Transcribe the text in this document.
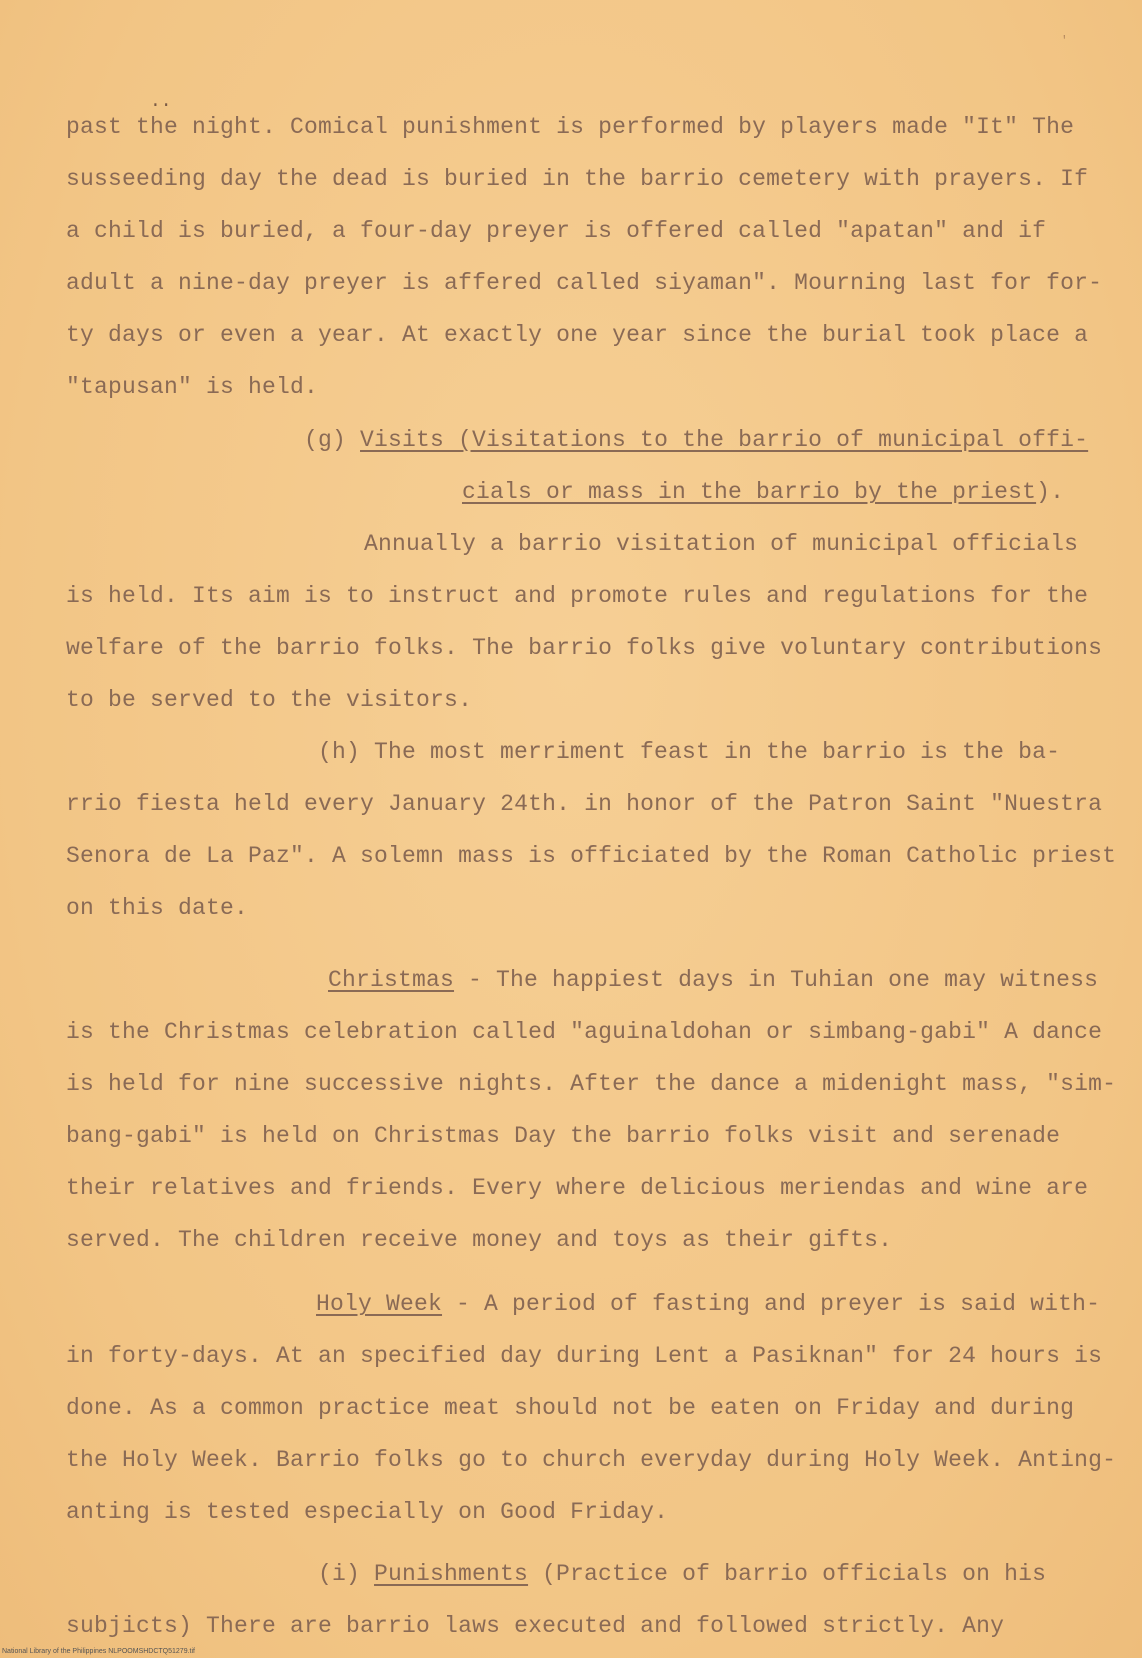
..
'
past the night. Comical punishment is performed by players made "It" The
susseeding day the dead is buried in the barrio cemetery with prayers. If
a child is buried, a four-day preyer is offered called "apatan" and if
adult a nine-day preyer is affered called siyaman". Mourning last for for-
ty days or even a year. At exactly one year since the burial took place a
"tapusan" is held.
(g) Visits (Visitations to the barrio of municipal offi-
cials or mass in the barrio by the priest).
Annually a barrio visitation of municipal officials
is held. Its aim is to instruct and promote rules and regulations for the
welfare of the barrio folks. The barrio folks give voluntary contributions
to be served to the visitors.
(h) The most merriment feast in the barrio is the ba-
rrio fiesta held every January 24th. in honor of the Patron Saint "Nuestra
Senora de La Paz". A solemn mass is officiated by the Roman Catholic priest
on this date.
Christmas - The happiest days in Tuhian one may witness
is the Christmas celebration called "aguinaldohan or simbang-gabi" A dance
is held for nine successive nights. After the dance a midenight mass, "sim-
bang-gabi" is held on Christmas Day the barrio folks visit and serenade
their relatives and friends. Every where delicious meriendas and wine are
served. The children receive money and toys as their gifts.
Holy Week - A period of fasting and preyer is said with-
in forty-days. At an specified day during Lent a Pasiknan" for 24 hours is
done. As a common practice meat should not be eaten on Friday and during
the Holy Week. Barrio folks go to church everyday during Holy Week. Anting-
anting is tested especially on Good Friday.
(i) Punishments (Practice of barrio officials on his
subjicts) There are barrio laws executed and followed strictly. Any
National Library of the Philippines NLPOOMSHDCTQ51279.tif
